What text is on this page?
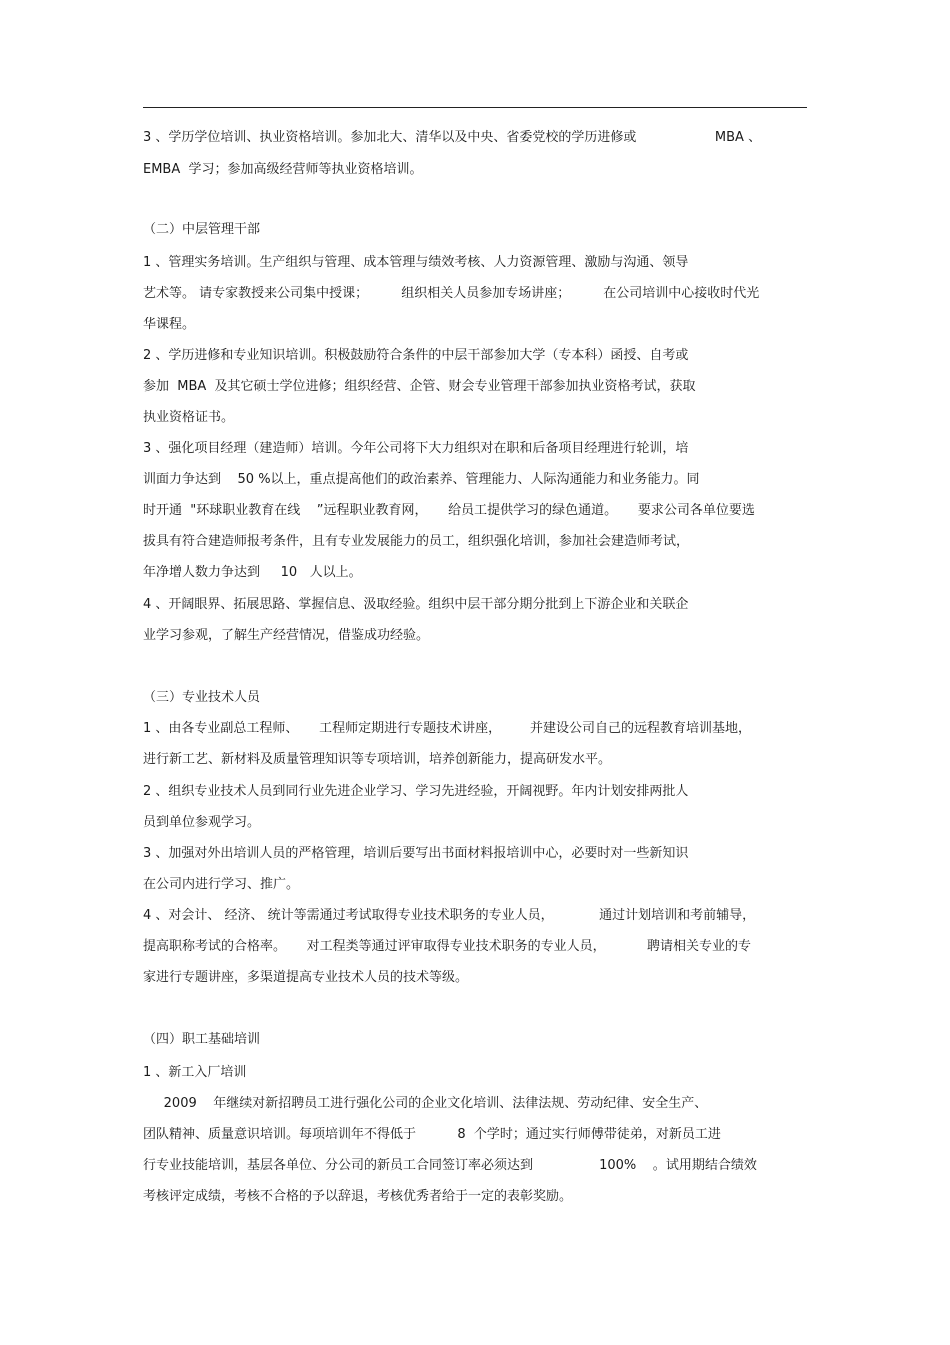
3 、学历学位培训、执业资格培训。参加北大、清华以及中央、省委党校的学历进修或                   MBA 、
EMBA  学习；参加高级经营师等执业资格培训。
（二）中层管理干部
1 、管理实务培训。生产组织与管理、成本管理与绩效考核、人力资源管理、激励与沟通、领导
艺术等。 请专家教授来公司集中授课；        组织相关人员参加专场讲座；        在公司培训中心接收时代光
华课程。
2 、学历进修和专业知识培训。积极鼓励符合条件的中层干部参加大学（专本科）函授、自考或
参加  MBA  及其它硕士学位进修；组织经营、企管、财会专业管理干部参加执业资格考试，获取
执业资格证书。
3 、强化项目经理（建造师）培训。今年公司将下大力组织对在职和后备项目经理进行轮训，培
训面力争达到    50 %以上，重点提高他们的政治素养、管理能力、人际沟通能力和业务能力。同
时开通  "环球职业教育在线    ”远程职业教育网，     给员工提供学习的绿色通道。     要求公司各单位要选
拔具有符合建造师报考条件，且有专业发展能力的员工，组织强化培训，参加社会建造师考试，
年净增人数力争达到     10   人以上。
4 、开阔眼界、拓展思路、掌握信息、汲取经验。组织中层干部分期分批到上下游企业和关联企
业学习参观，了解生产经营情况，借鉴成功经验。
（三）专业技术人员
1 、由各专业副总工程师、     工程师定期进行专题技术讲座，       并建设公司自己的远程教育培训基地，
进行新工艺、新材料及质量管理知识等专项培训，培养创新能力，提高研发水平。
2 、组织专业技术人员到同行业先进企业学习、学习先进经验，开阔视野。年内计划安排两批人
员到单位参观学习。
3 、加强对外出培训人员的严格管理，培训后要写出书面材料报培训中心，必要时对一些新知识
在公司内进行学习、推广。
4 、对会计、 经济、 统计等需通过考试取得专业技术职务的专业人员，           通过计划培训和考前辅导，
提高职称考试的合格率。     对工程类等通过评审取得专业技术职务的专业人员，          聘请相关专业的专
家进行专题讲座，多渠道提高专业技术人员的技术等级。
（四）职工基础培训
1 、新工入厂培训
2009    年继续对新招聘员工进行强化公司的企业文化培训、法律法规、劳动纪律、安全生产、
团队精神、质量意识培训。每项培训年不得低于          8  个学时；通过实行师傅带徒弟，对新员工进
行专业技能培训，基层各单位、分公司的新员工合同签订率必须达到                100%    。试用期结合绩效
考核评定成绩，考核不合格的予以辞退，考核优秀者给于一定的表彰奖励。
